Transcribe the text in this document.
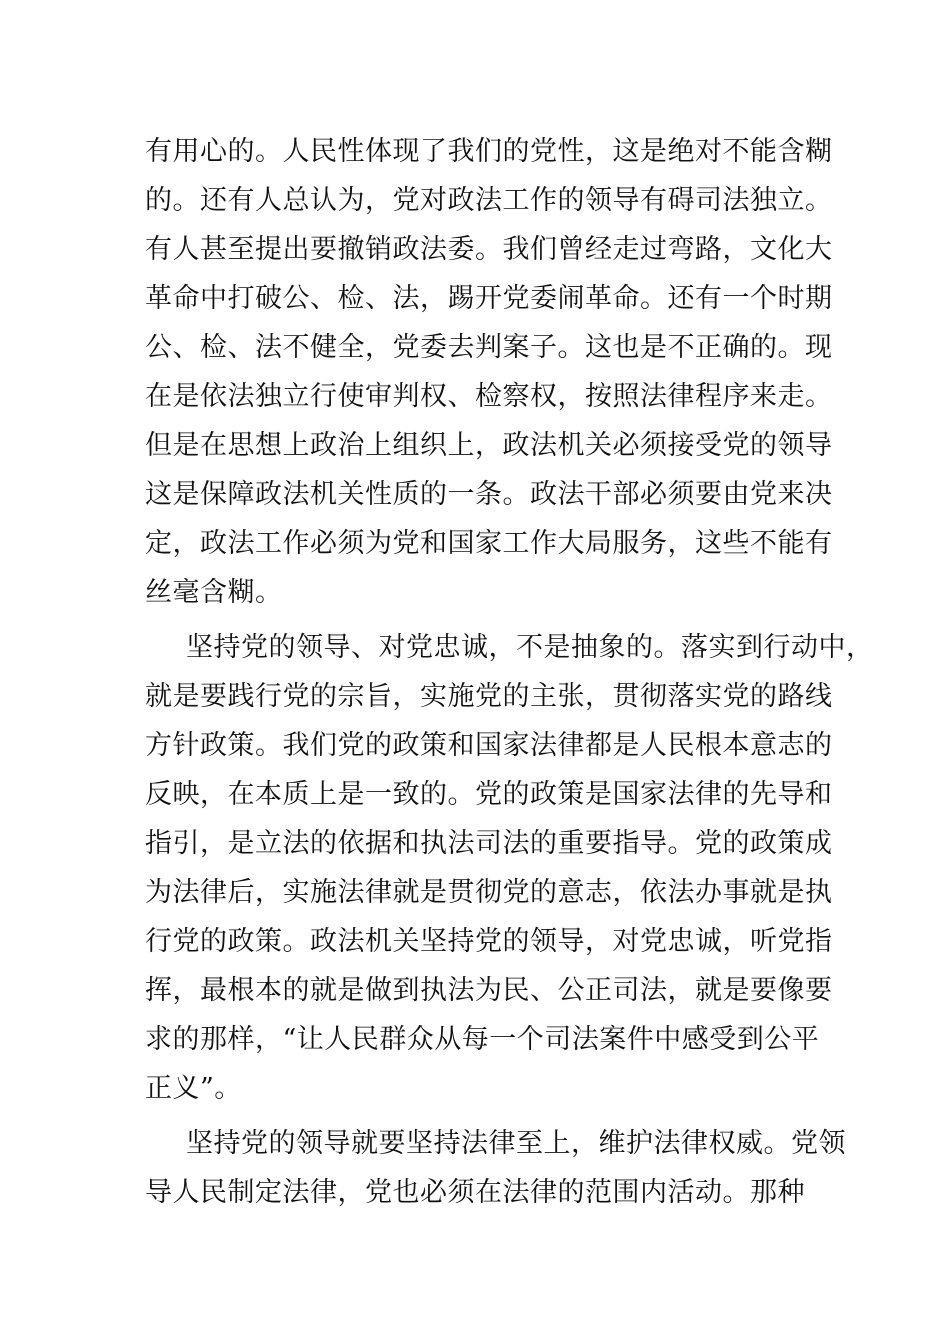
有用心的。人民性体现了我们的党性，这是绝对不能含糊
的。还有人总认为，党对政法工作的领导有碍司法独立。
有人甚至提出要撤销政法委。我们曾经走过弯路，文化大
革命中打破公、检、法，踢开党委闹革命。还有一个时期
公、检、法不健全，党委去判案子。这也是不正确的。现
在是依法独立行使审判权、检察权，按照法律程序来走。
但是在思想上政治上组织上，政法机关必须接受党的领导
这是保障政法机关性质的一条。政法干部必须要由党来决
定，政法工作必须为党和国家工作大局服务，这些不能有
丝毫含糊。
坚持党的领导、对党忠诚，不是抽象的。落实到行动中，
就是要践行党的宗旨，实施党的主张，贯彻落实党的路线
方针政策。我们党的政策和国家法律都是人民根本意志的
反映，在本质上是一致的。党的政策是国家法律的先导和
指引，是立法的依据和执法司法的重要指导。党的政策成
为法律后，实施法律就是贯彻党的意志，依法办事就是执
行党的政策。政法机关坚持党的领导，对党忠诚，听党指
挥，最根本的就是做到执法为民、公正司法，就是要像要
求的那样，“让人民群众从每一个司法案件中感受到公平
正义”。
坚持党的领导就要坚持法律至上，维护法律权威。党领
导人民制定法律，党也必须在法律的范围内活动。那种
